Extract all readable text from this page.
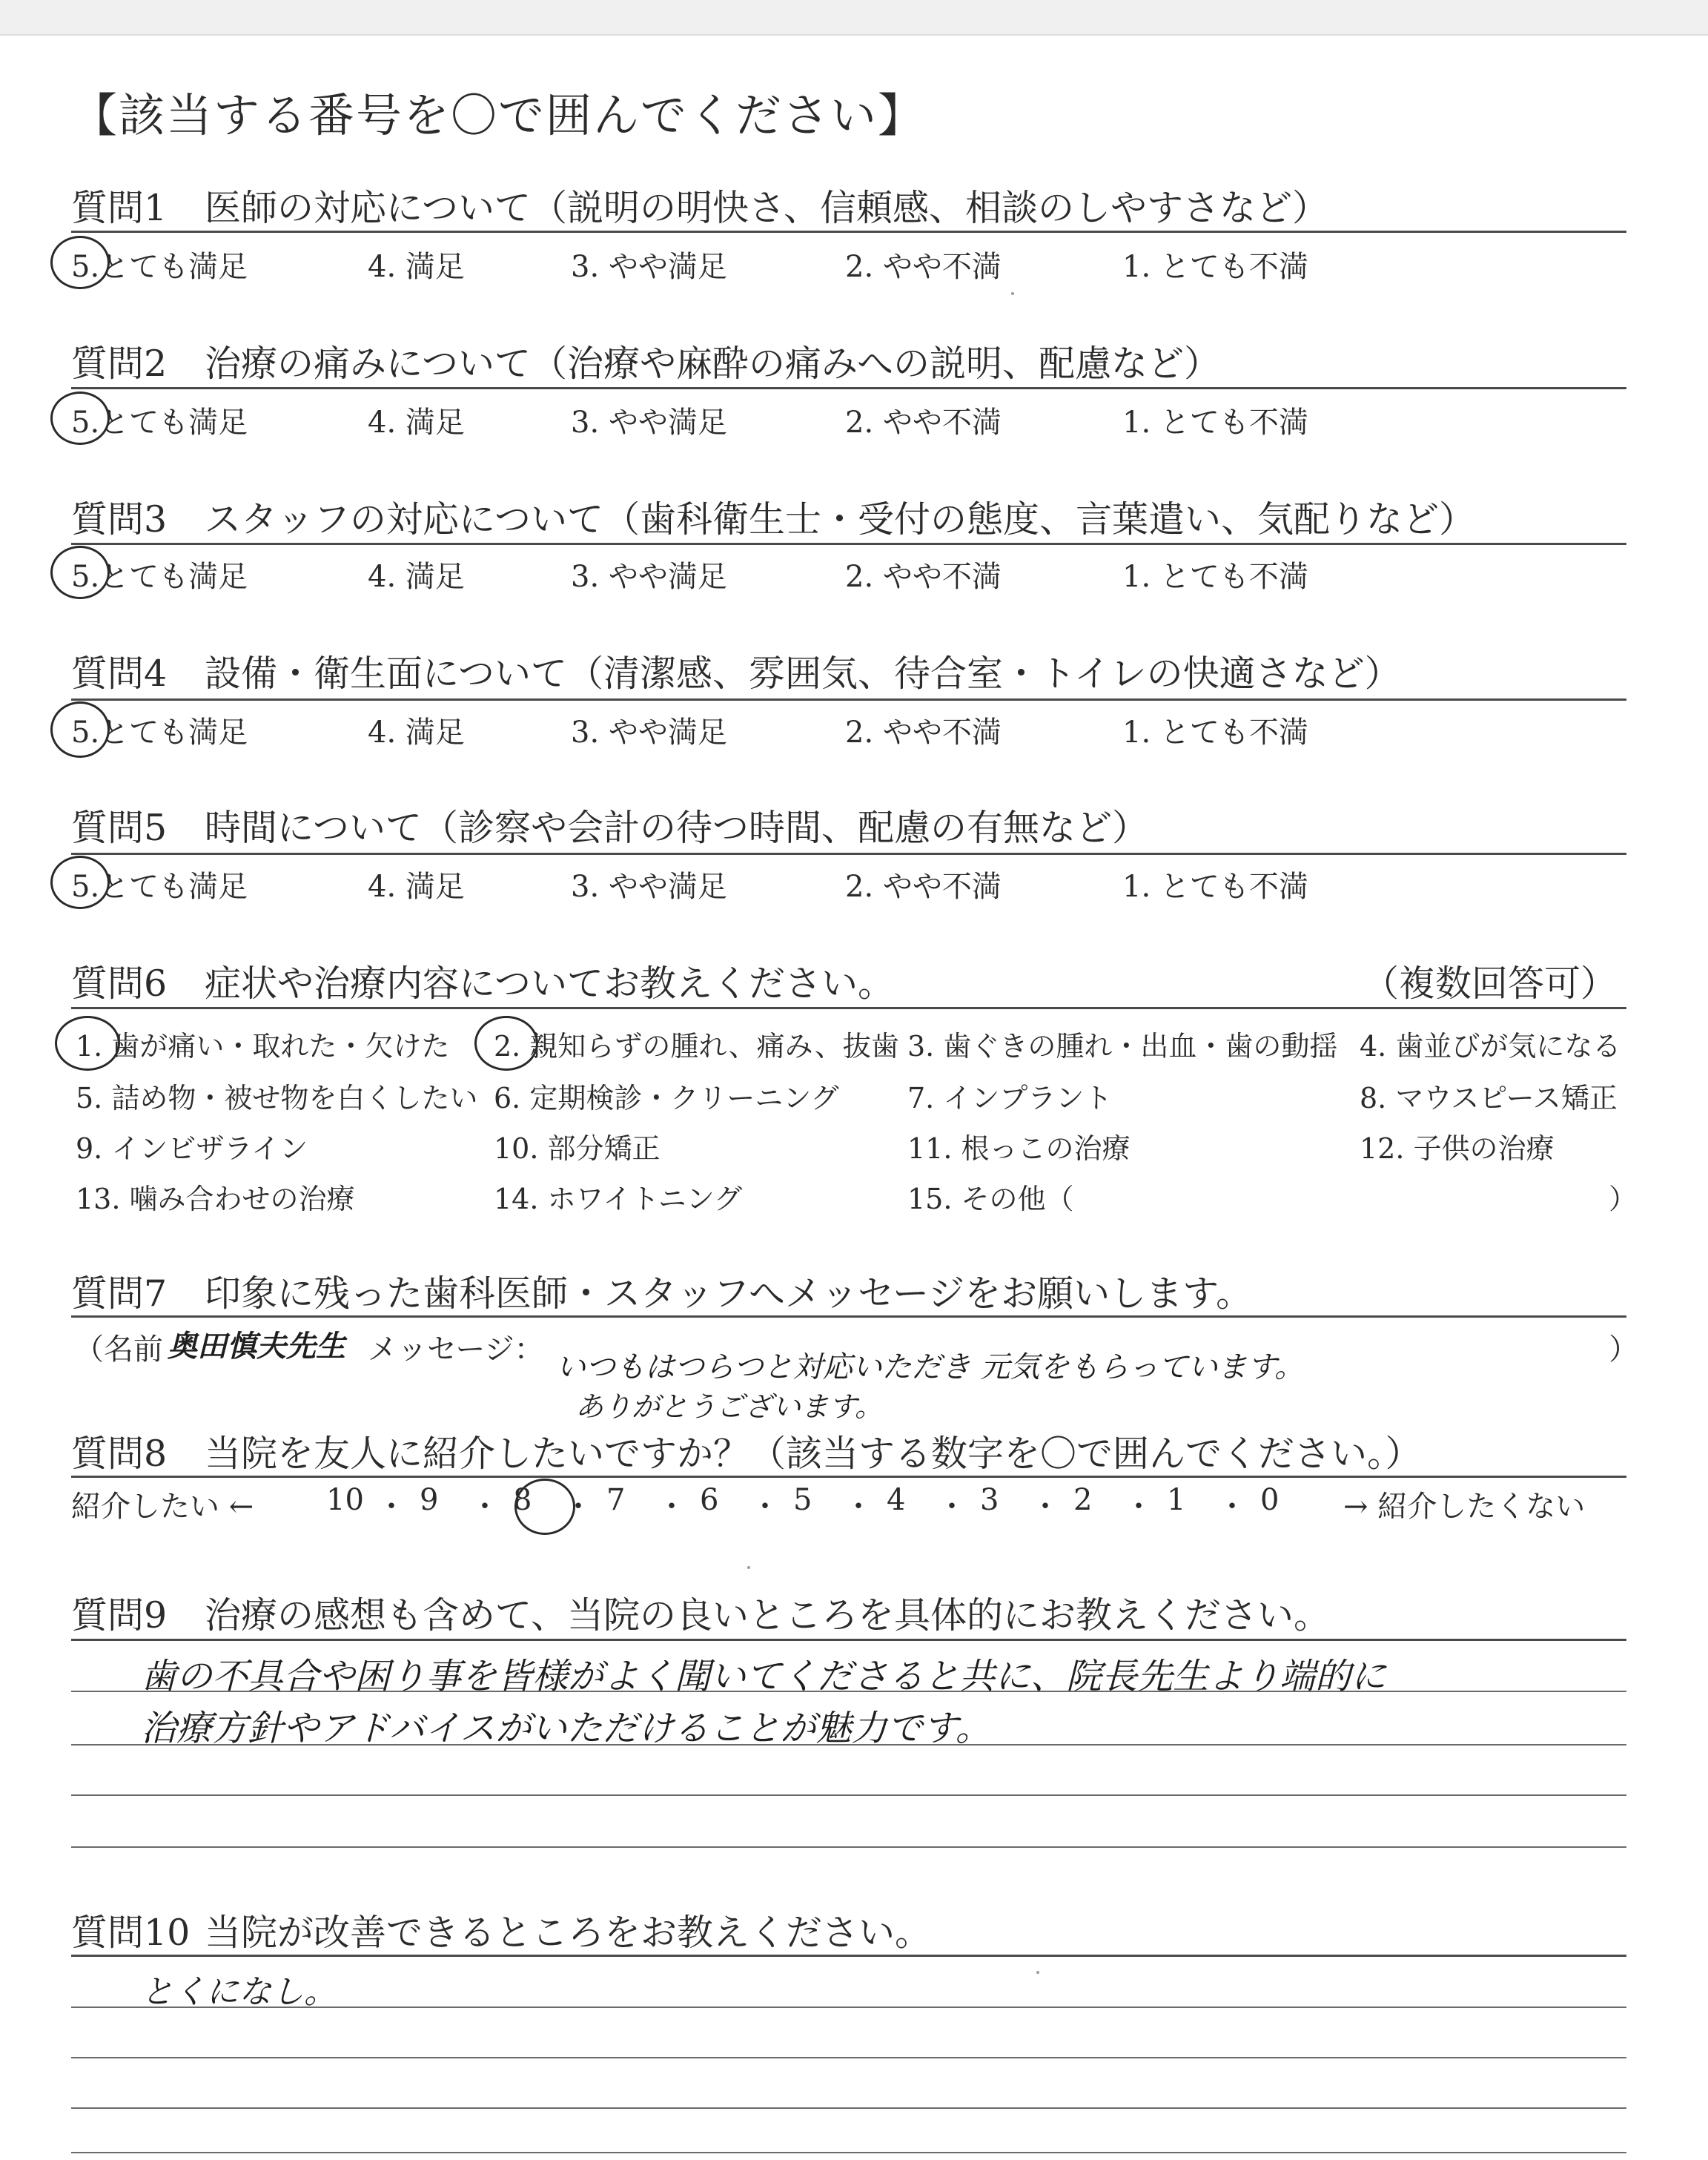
【該当する番号を〇で囲んでください】
質問1 医師の対応について（説明の明快さ、信頼感、相談のしやすさなど）
5.とても満足	4. 満足	3. やや満足	2. やや不満	1. とても不満
質問2 治療の痛みについて（治療や麻酔の痛みへの説明、配慮など）
5.とても満足	4. 満足	3. やや満足	2. やや不満	1. とても不満
質問3 スタッフの対応について（歯科衛生士・受付の態度、言葉遣い、気配りなど）
5.とても満足	4. 満足	3. やや満足	2. やや不満	1. とても不満
質問4 設備・衛生面について（清潔感、雰囲気、待合室・トイレの快適さなど）
5.とても満足	4. 満足	3. やや満足	2. やや不満	1. とても不満
質問5 時間について（診察や会計の待つ時間、配慮の有無など）
5.とても満足	4. 満足	3. やや満足	2. やや不満	1. とても不満
質問6 症状や治療内容についてお教えください。	（複数回答可）
1. 歯が痛い・取れた・欠けた 2. 親知らずの腫れ、痛み、抜歯 3. 歯ぐきの腫れ・出血・歯の動揺 4. 歯並びが気になる
5. 詰め物・被せ物を白くしたい 6. 定期検診・クリーニング 7. インプラント	8. マウスピース矯正
9. インビザライン	10. 部分矯正	11. 根っこの治療	12. 子供の治療
13. 噛み合わせの治療	14. ホワイトニング	15. その他（	）
質問7 印象に残った歯科医師・スタッフへメッセージをお願いします。
（名前 奥田慎夫先生 メッセージ：
いつもはつらつと対応いただき 元気をもらっています。
ありがとうございます。
）
質問8 当院を友人に紹介したいですか？（該当する数字を〇で囲んでください。）
紹介したい ←	→ 紹介したくない
10 ・ 9 ・ 8 ・ 7 ・ 6 ・ 5 ・ 4 ・ 3 ・ 2 ・ 1 ・ 0
質問9 治療の感想も含めて、当院の良いところを具体的にお教えください。
歯の不具合や困り事を皆様がよく聞いてくださると共に、院長先生より端的に
治療方針やアドバイスがいただけることが魅力です。
質問10 当院が改善できるところをお教えください。
とくになし。
